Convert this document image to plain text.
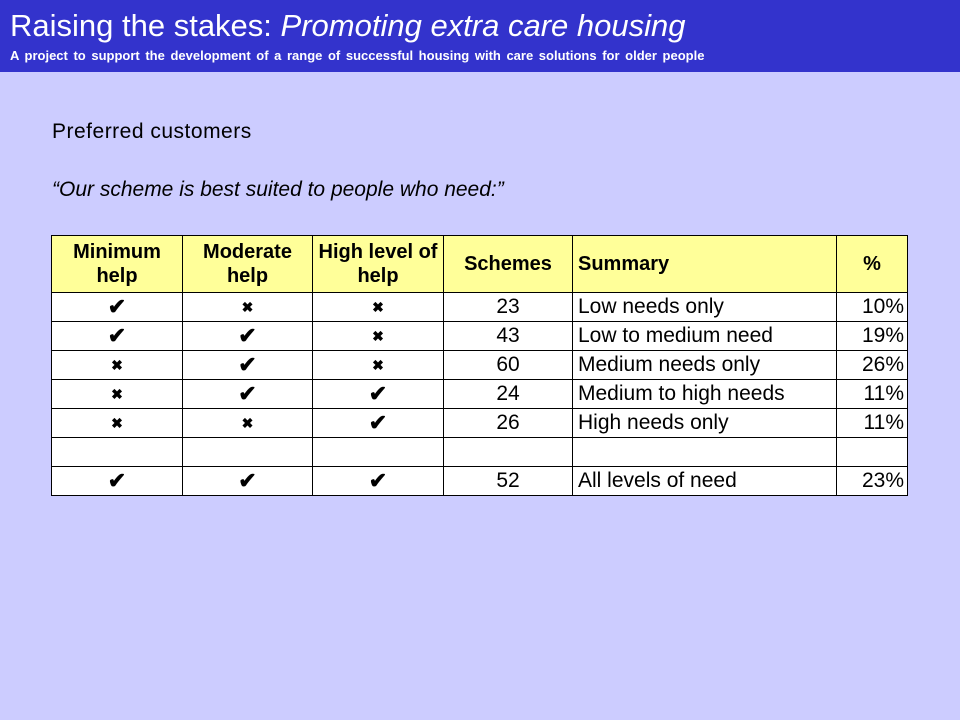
Raising the stakes: Promoting extra care housing
A project to support the development of a range of successful housing with care solutions for older people
Preferred customers
“Our scheme is best suited to people who need:”
Minimum help	Moderate help	High level of help	Schemes	Summary	%
✔	✖	✖	23	Low needs only	10%
✔	✔	✖	43	Low to medium need	19%
✖	✔	✖	60	Medium needs only	26%
✖	✔	✔	24	Medium to high needs	11%
✖	✖	✔	26	High needs only	11%

✔	✔	✔	52	All levels of need	23%
